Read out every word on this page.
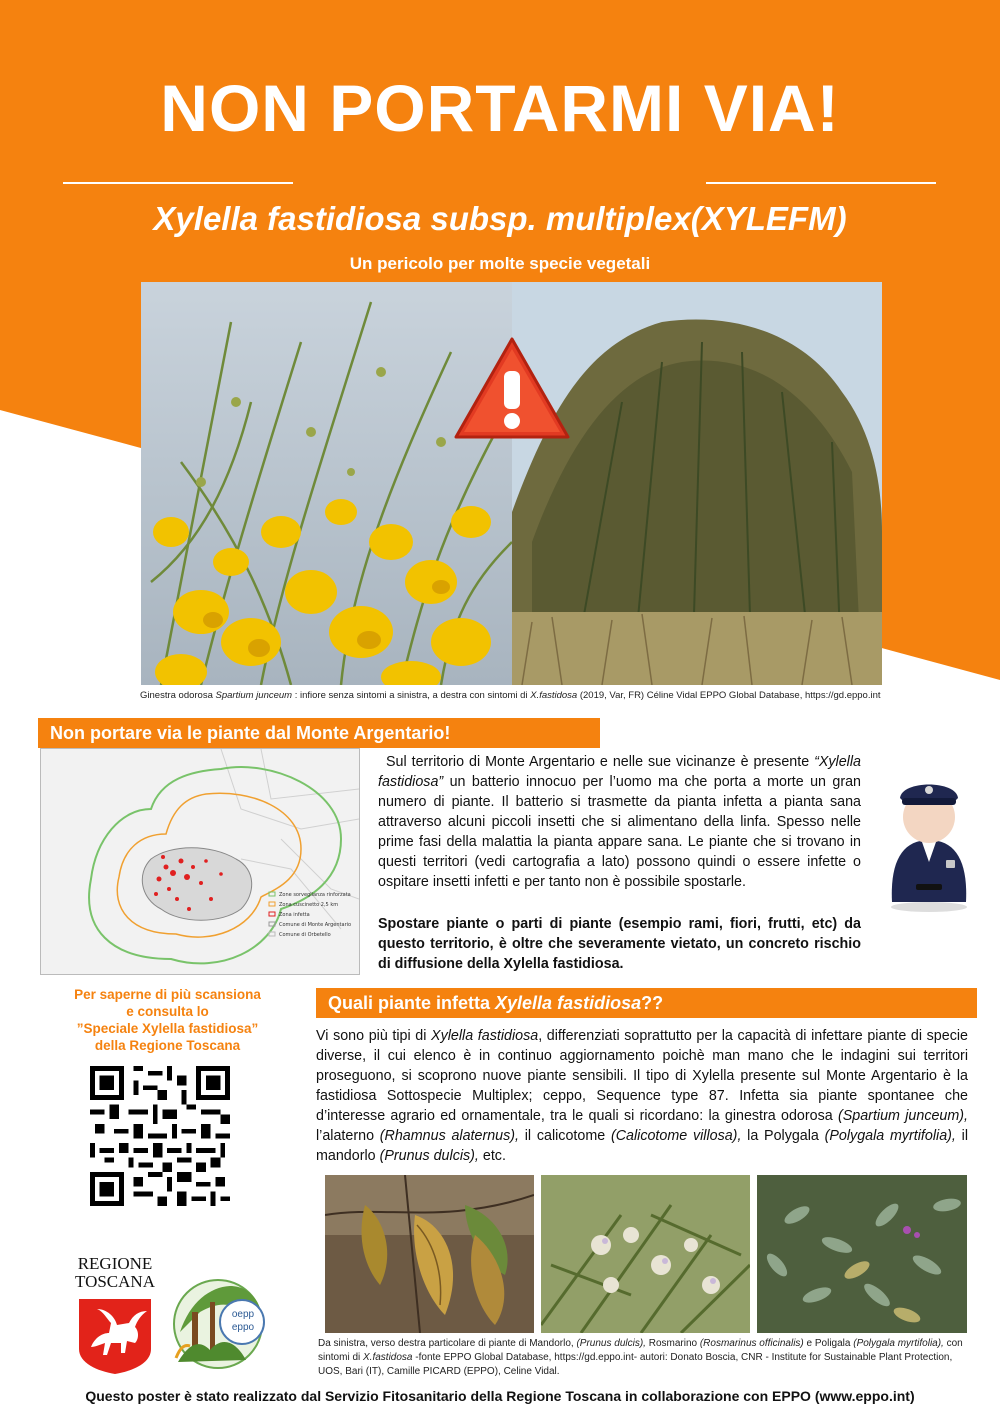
NON PORTARMI VIA!
Xylella fastidiosa subsp. multiplex(XYLEFM)
Un pericolo per molte specie vegetali
Ginestra odorosa Spartium junceum : infiore senza sintomi a sinistra, a destra con sintomi di X.fastidosa (2019, Var, FR) Céline Vidal EPPO Global Database, https://gd.eppo.int
Non portare via le piante dal Monte Argentario!
Zone sorveglianza rinforzata
Zona cuscinetto 2,5 km
Zona infetta
Comune di Monte Argentario
Comune di Orbetello
Sul territorio di Monte Argentario e nelle sue vicinanze è presente “Xylella fastidiosa” un batterio innocuo per l’uomo ma che porta a morte un gran numero di piante. Il batterio si trasmette da pianta infetta a pianta sana attraverso alcuni piccoli insetti che si alimentano della linfa. Spesso nelle prime fasi della malattia la pianta appare sana. Le piante che si trovano in questi territori (vedi cartografia a lato) possono quindi o essere infette o ospitare insetti infetti e per tanto non è possibile spostarle.
Spostare piante o parti di piante (esempio rami, fiori, frutti, etc) da questo territorio, è oltre che severamente vietato, un concreto rischio di diffusione della Xylella fastidiosa.
Per saperne di più scansiona
e consulta lo
”Speciale Xylella fastidiosa”
della Regione Toscana
Quali piante infetta Xylella fastidiosa??
Vi sono più tipi di Xylella fastidiosa, differenziati soprattutto per la capacità di infettare piante di specie diverse, il cui elenco è in continuo aggiornamento poichè man mano che le indagini sui territori proseguono, si scoprono nuove piante sensibili. Il tipo di Xylella presente sul Monte Argentario è la fastidiosa Sottospecie Multiplex; ceppo, Sequence type 87. Infetta sia piante spontanee che d’interesse agrario ed ornamentale, tra le quali si ricordano: la ginestra odorosa (Spartium junceum), l’alaterno (Rhamnus alaternus), il calicotome (Calicotome villosa), la Polygala (Polygala myrtifolia), il mandorlo (Prunus dulcis), etc.
Da sinistra, verso destra particolare di piante di Mandorlo, (Prunus dulcis), Rosmarino (Rosmarinus officinalis) e Poligala (Polygala myrtifolia), con sintomi di X.fastidosa -fonte EPPO Global Database, https://gd.eppo.int- autori: Donato Boscia, CNR - Institute for Sustainable Plant Protection, UOS, Bari (IT), Camille PICARD (EPPO), Celine Vidal.
REGIONE
TOSCANA
oepp
eppo
Questo poster è stato realizzato dal Servizio Fitosanitario della Regione Toscana in collaborazione con EPPO (www.eppo.int)
